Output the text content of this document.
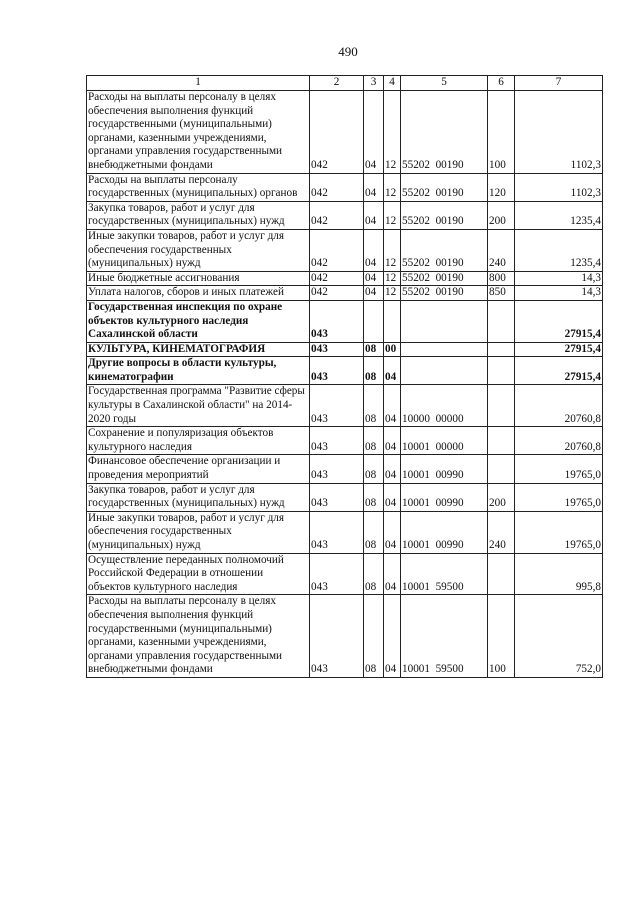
490
1	2	3	4	5	6	7
Расходы на выплаты персоналу в целях обеспечения выполнения функций государственными (муниципальными) органами, казенными учреждениями, органами управления государственными внебюджетными фондами	042	04	12	55202  00190	100	1102,3
Расходы на выплаты персоналу государственных (муниципальных) органов	042	04	12	55202  00190	120	1102,3
Закупка товаров, работ и услуг для государственных (муниципальных) нужд	042	04	12	55202  00190	200	1235,4
Иные закупки товаров, работ и услуг для обеспечения государственных (муниципальных) нужд	042	04	12	55202  00190	240	1235,4
Иные бюджетные ассигнования	042	04	12	55202  00190	800	14,3
Уплата налогов, сборов и иных платежей	042	04	12	55202  00190	850	14,3
Государственная инспекция по охране объектов культурного наследия Сахалинской области	043					27915,4
КУЛЬТУРА, КИНЕМАТОГРАФИЯ	043	08	00			27915,4
Другие вопросы в области культуры, кинематографии	043	08	04			27915,4
Государственная программа "Развитие сферы культуры в Сахалинской области" на 2014-2020 годы	043	08	04	10000  00000		20760,8
Сохранение и популяризация объектов культурного наследия	043	08	04	10001  00000		20760,8
Финансовое обеспечение организации и проведения мероприятий	043	08	04	10001  00990		19765,0
Закупка товаров, работ и услуг для государственных (муниципальных) нужд	043	08	04	10001  00990	200	19765,0
Иные закупки товаров, работ и услуг для обеспечения государственных (муниципальных) нужд	043	08	04	10001  00990	240	19765,0
Осуществление переданных полномочий Российской Федерации в отношении объектов культурного наследия	043	08	04	10001  59500		995,8
Расходы на выплаты персоналу в целях обеспечения выполнения функций государственными (муниципальными) органами, казенными учреждениями, органами управления государственными внебюджетными фондами	043	08	04	10001  59500	100	752,0
